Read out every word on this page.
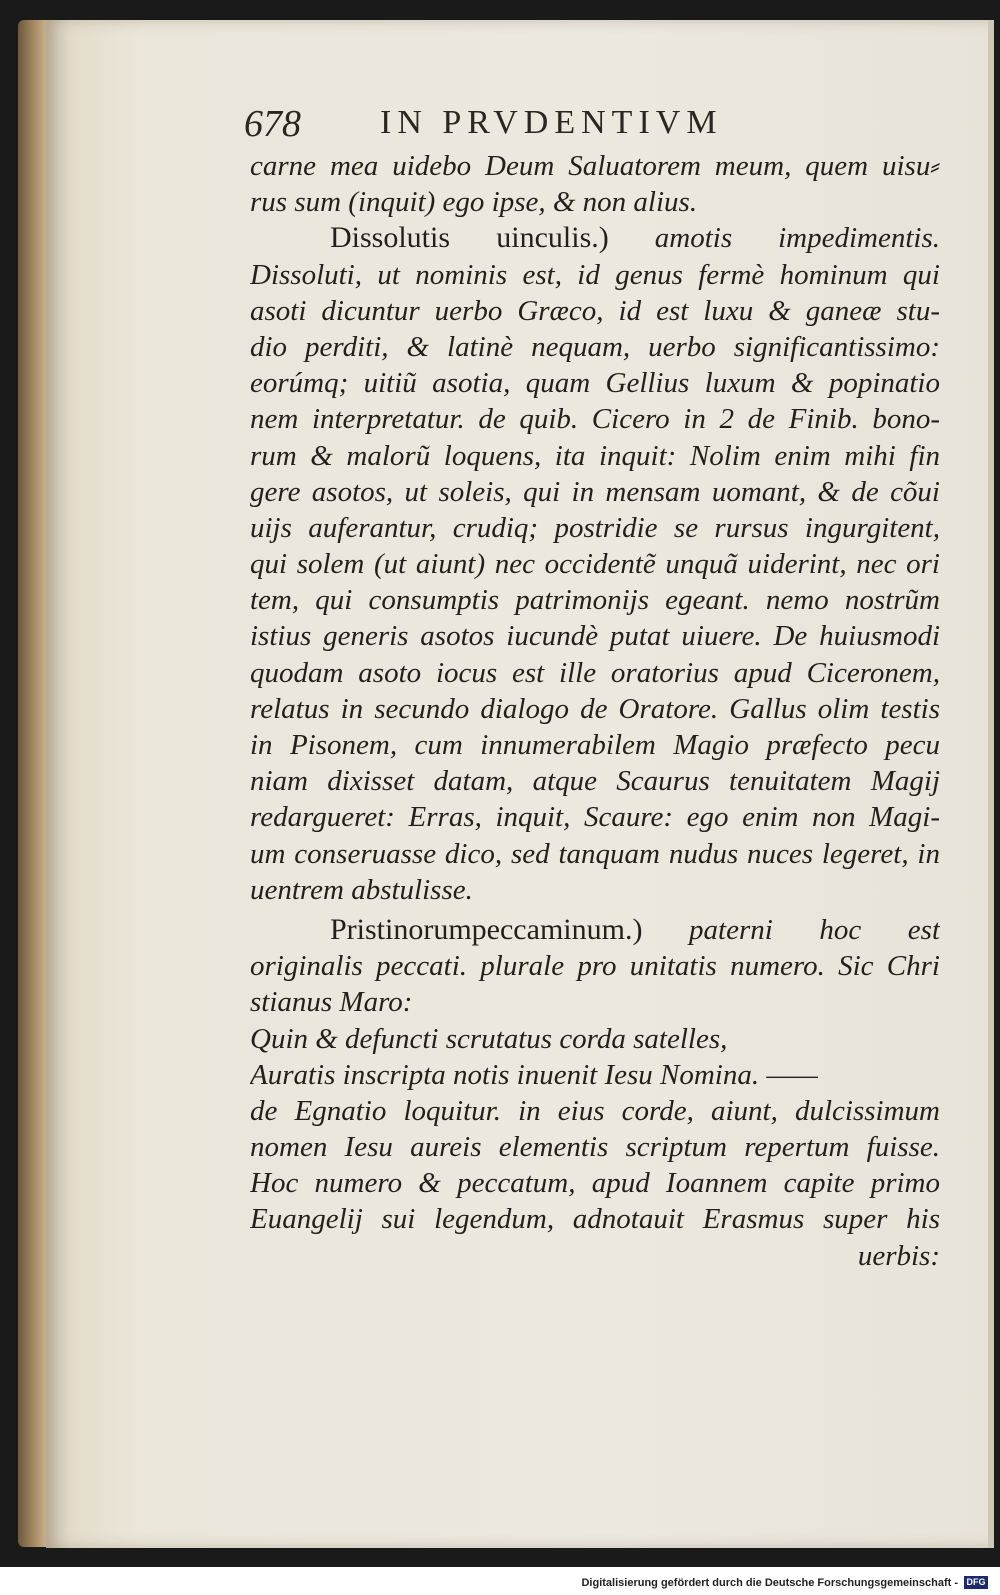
678 IN PRVDENTIVM
carne mea uidebo Deum Saluatorem meum, quem uisu⸗
rus sum (inquit) ego ipse, & non alius.
Dissolutis uinculis.) amotis impedimentis.
Dissoluti, ut nominis est, id genus fermè hominum qui
asoti dicuntur uerbo Græco, id est luxu & ganeæ stu-
dio perditi, & latinè nequam, uerbo significantissimo:
eorúmq; uitiũ asotia, quam Gellius luxum & popinatio
nem interpretatur. de quib. Cicero in 2 de Finib. bono-
rum & malorũ loquens, ita inquit: Nolim enim mihi fin
gere asotos, ut soleis, qui in mensam uomant, & de cõui
uijs auferantur, crudiq; postridie se rursus ingurgitent,
qui solem (ut aiunt) nec occidentẽ unquã uiderint, nec ori
tem, qui consumptis patrimonijs egeant. nemo nostrũm
istius generis asotos iucundè putat uiuere. De huiusmodi
quodam asoto iocus est ille oratorius apud Ciceronem,
relatus in secundo dialogo de Oratore. Gallus olim testis
in Pisonem, cum innumerabilem Magio præfecto pecu
niam dixisset datam, atque Scaurus tenuitatem Magij
redargueret: Erras, inquit, Scaure: ego enim non Magi-
um conseruasse dico, sed tanquam nudus nuces legeret, in
uentrem abstulisse.
Pristinorumpeccaminum.) paterni hoc est
originalis peccati. plurale pro unitatis numero. Sic Chri
stianus Maro:
Quin & defuncti scrutatus corda satelles,
Auratis inscripta notis inuenit Iesu Nomina. ——
de Egnatio loquitur. in eius corde, aiunt, dulcissimum
nomen Iesu aureis elementis scriptum repertum fuisse.
Hoc numero & peccatum, apud Ioannem capite primo
Euangelij sui legendum, adnotauit Erasmus super his
uerbis:
Digitalisierung gefördert durch die Deutsche Forschungsgemeinschaft - DFG
